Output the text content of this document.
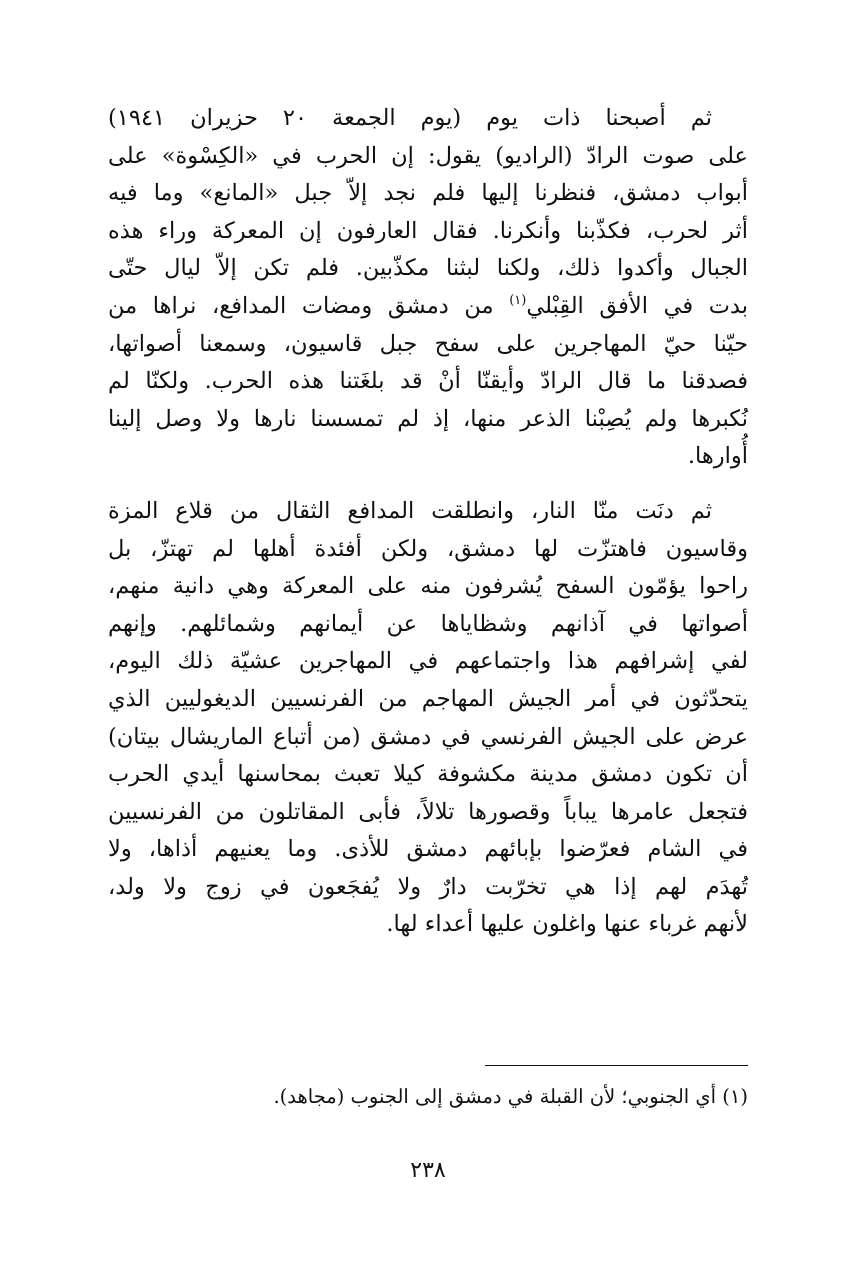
ثم أصبحنا ذات يوم (يوم الجمعة ٢٠ حزيران ١٩٤١)
على صوت الرادّ (الراديو) يقول: إن الحرب في «الكِسْوة» على
أبواب دمشق، فنظرنا إليها فلم نجد إلاّ جبل «المانع» وما فيه
أثر لحرب، فكذّبنا وأنكرنا. فقال العارفون إن المعركة وراء هذه
الجبال وأكدوا ذلك، ولكنا لبثنا مكذّبين. فلم تكن إلاّ ليال حتّى
بدت في الأفق القِبْلي$^{(١)}$ من دمشق ومضات المدافع، نراها من
حيّنا حيّ المهاجرين على سفح جبل قاسيون، وسمعنا أصواتها،
فصدقنا ما قال الرادّ وأيقنّا أنْ قد بلغَتنا هذه الحرب. ولكنّا لم
نُكبرها ولم يُصِبْنا الذعر منها، إذ لم تمسسنا نارها ولا وصل إلينا
أُوارها.

ثم دنَت منّا النار، وانطلقت المدافع الثقال من قلاع المزة
وقاسيون فاهتزّت لها دمشق، ولكن أفئدة أهلها لم تهتزّ، بل
راحوا يؤمّون السفح يُشرفون منه على المعركة وهي دانية منهم،
أصواتها في آذانهم وشظاياها عن أيمانهم وشمائلهم. وإنهم
لفي إشرافهم هذا واجتماعهم في المهاجرين عشيّة ذلك اليوم،
يتحدّثون في أمر الجيش المهاجم من الفرنسيين الديغوليين الذي
عرض على الجيش الفرنسي في دمشق (من أتباع الماريشال بيتان)
أن تكون دمشق مدينة مكشوفة كيلا تعبث بمحاسنها أيدي الحرب
فتجعل عامرها يباباً وقصورها تلالاً، فأبى المقاتلون من الفرنسيين
في الشام فعرّضوا بإبائهم دمشق للأذى. وما يعنيهم أذاها، ولا
تُهدَم لهم إذا هي تخرّبت دارٌ ولا يُفجَعون في زوج ولا ولد،
لأنهم غرباء عنها واغلون عليها أعداء لها.

(١) أي الجنوبي؛ لأن القبلة في دمشق إلى الجنوب (مجاهد).
٢٣٨
